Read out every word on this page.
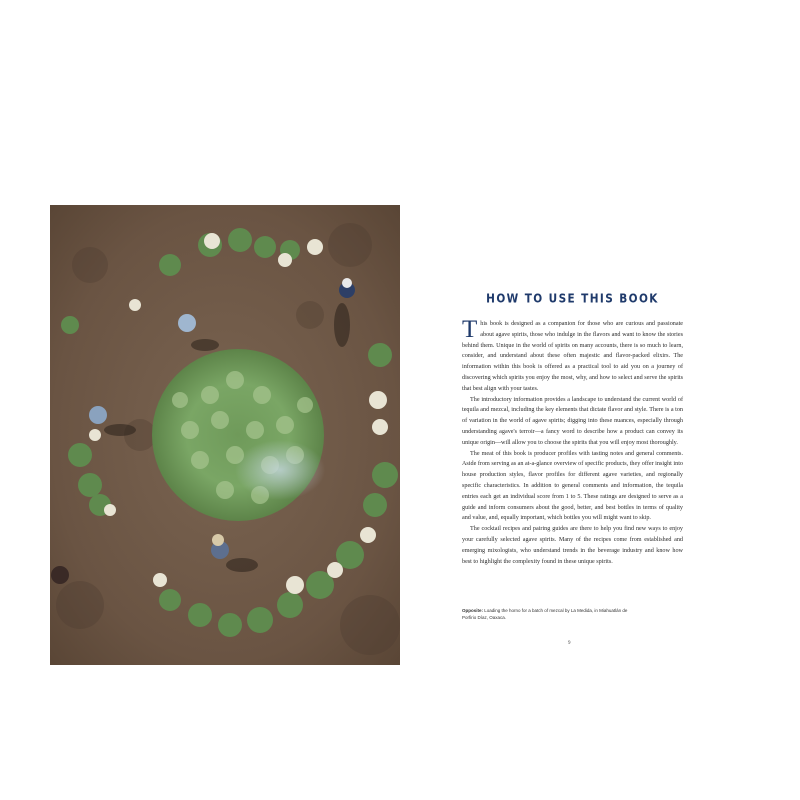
HOW TO USE THIS BOOK

This book is designed as a companion for those who are curious and passionate about agave spirits, those who indulge in the flavors and want to know the stories behind them. Unique in the world of spirits on many accounts, there is so much to learn, consider, and understand about these often majestic and flavor-packed elixirs. The information within this book is offered as a practical tool to aid you on a journey of discovering which spirits you enjoy the most, why, and how to select and serve the spirits that best align with your tastes.

The introductory information provides a landscape to understand the current world of tequila and mezcal, including the key elements that dictate flavor and style. There is a ton of variation in the world of agave spirits; digging into these nuances, especially through understanding agave's terroir—a fancy word to describe how a product can convey its unique origin—will allow you to choose the spirits that you will enjoy most thoroughly.

The meat of this book is producer profiles with tasting notes and general comments. Aside from serving as an at-a-glance overview of specific products, they offer insight into house production styles, flavor profiles for different agave varieties, and regionally specific characteristics. In addition to general comments and information, the tequila entries each get an individual score from 1 to 5. These ratings are designed to serve as a guide and inform consumers about the good, better, and best bottles in terms of quality and value, and, equally important, which bottles you will might want to skip.

The cocktail recipes and pairing guides are there to help you find new ways to enjoy your carefully selected agave spirits. Many of the recipes come from established and emerging mixologists, who understand trends in the beverage industry and know how best to highlight the complexity found in these unique spirits.

Opposite: Loading the horno for a batch of mezcal by La Medida, in Miahuatlán de Porfirio Díaz, Oaxaca.
9
